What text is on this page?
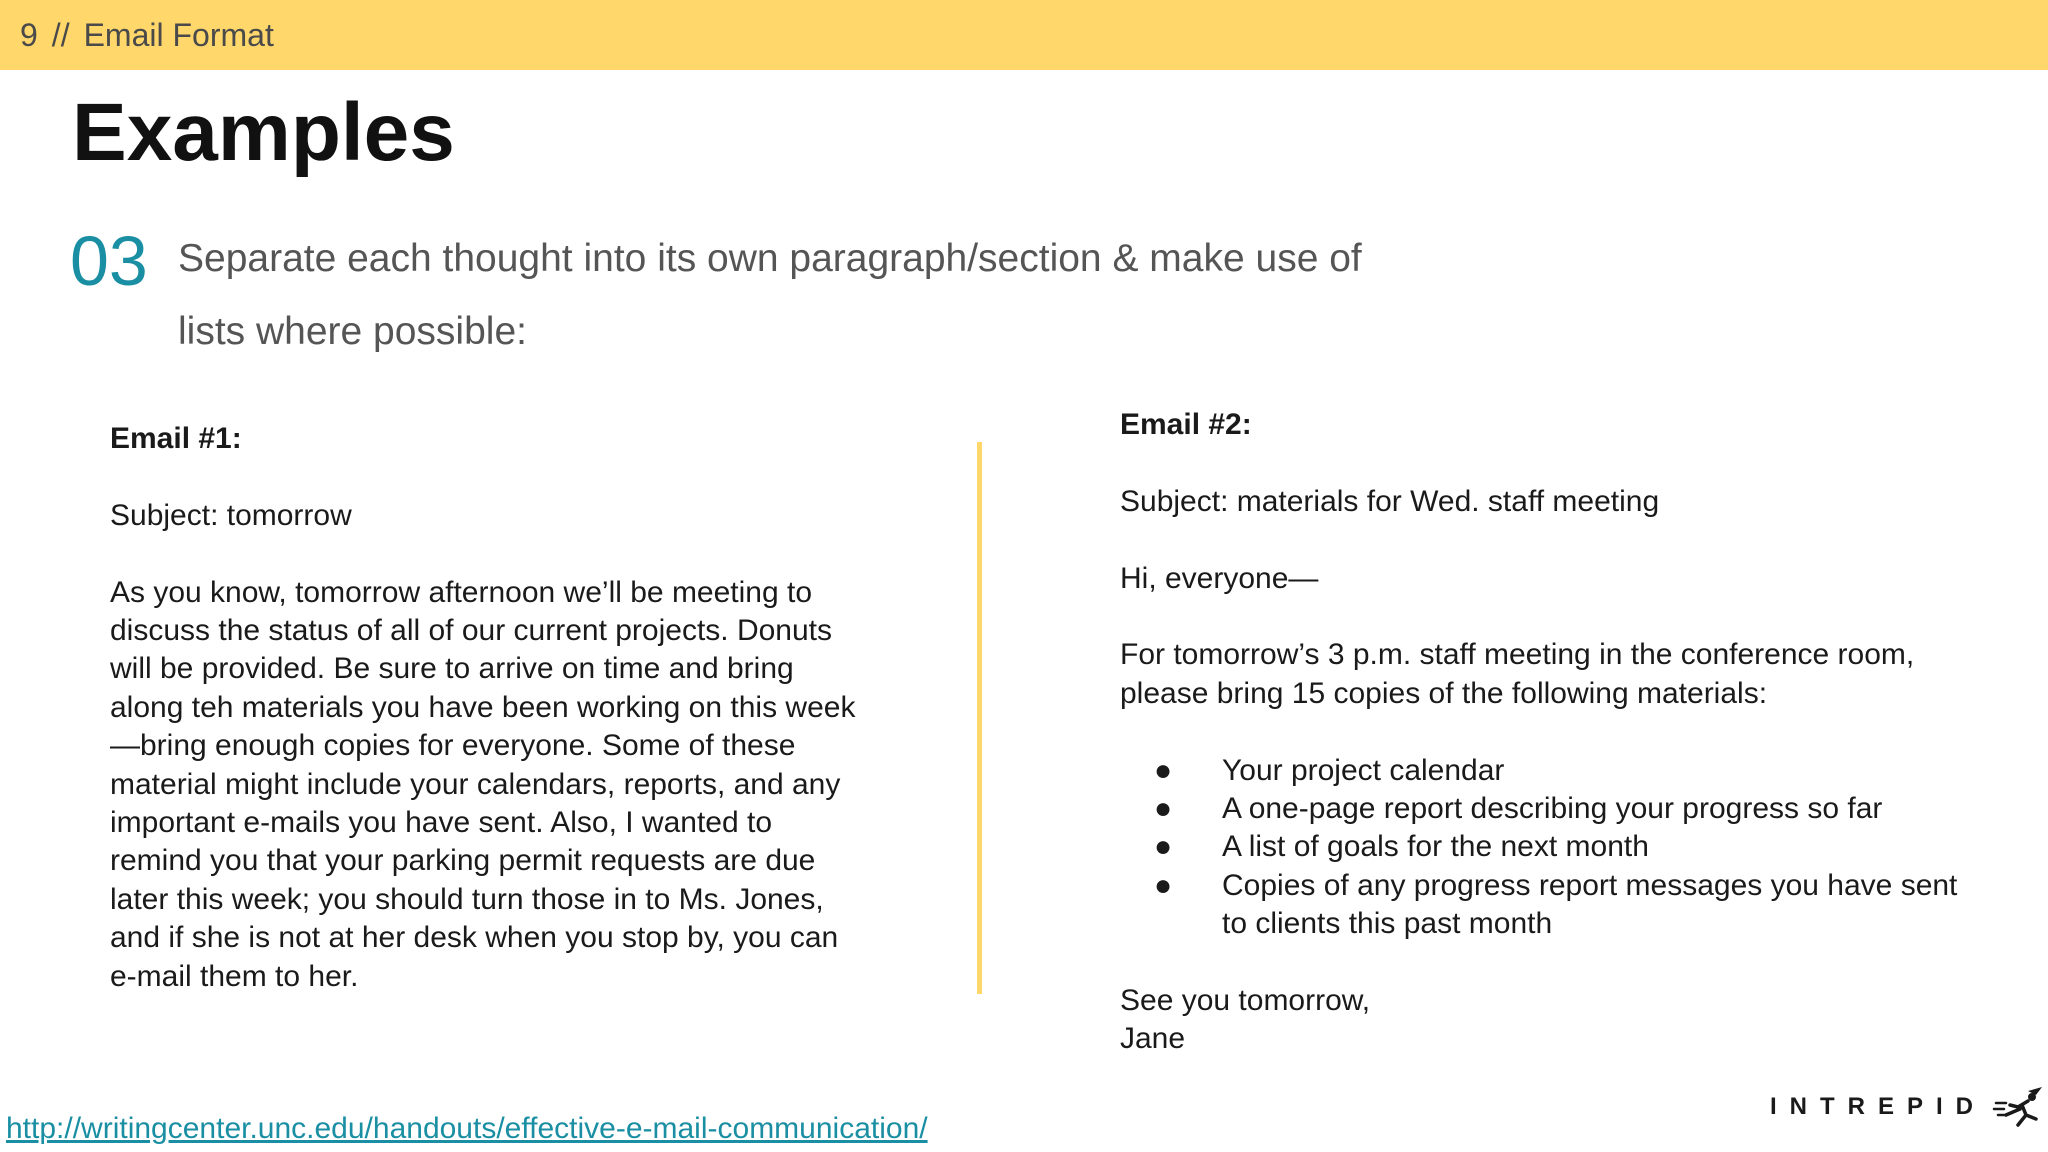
9 // Email Format
Examples
03 Separate each thought into its own paragraph/section & make use of lists where possible:
Email #1:
Subject: tomorrow
As you know, tomorrow afternoon we’ll be meeting to discuss the status of all of our current projects. Donuts will be provided. Be sure to arrive on time and bring along teh materials you have been working on this week—bring enough copies for everyone. Some of these material might include your calendars, reports, and any important e-mails you have sent. Also, I wanted to remind you that your parking permit requests are due later this week; you should turn those in to Ms. Jones, and if she is not at her desk when you stop by, you can e-mail them to her.
Email #2:
Subject: materials for Wed. staff meeting
Hi, everyone—
For tomorrow’s 3 p.m. staff meeting in the conference room, please bring 15 copies of the following materials:
● Your project calendar
● A one-page report describing your progress so far
● A list of goals for the next month
● Copies of any progress report messages you have sent to clients this past month
See you tomorrow,
Jane
http://writingcenter.unc.edu/handouts/effective-e-mail-communication/
INTREPID
